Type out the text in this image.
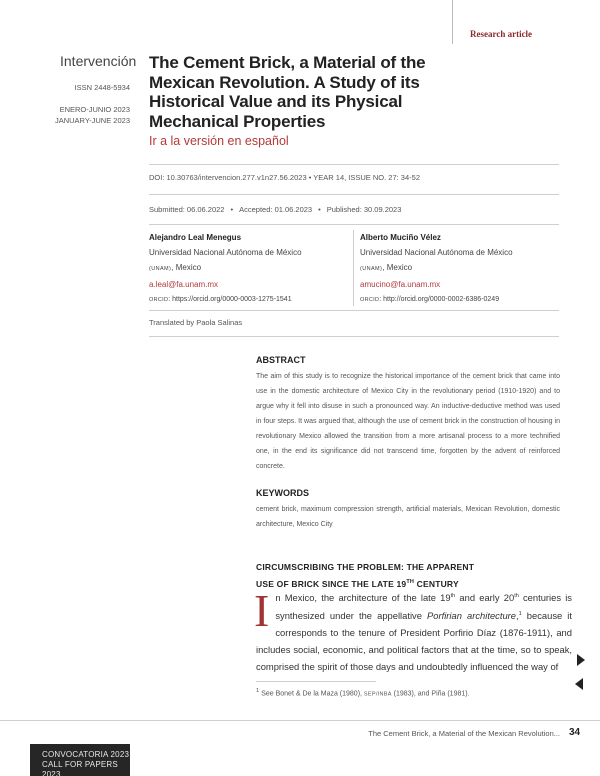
Research article
Intervención
ISSN 2448-5934
ENERO-JUNIO 2023
JANUARY-JUNE 2023
The Cement Brick, a Material of the Mexican Revolution. A Study of its Historical Value and its Physical Mechanical Properties
Ir a la versión en español
DOI: 10.30763/intervencion.277.v1n27.56.2023 • YEAR 14, ISSUE NO. 27: 34-52
Submitted: 06.06.2022 • Accepted: 01.06.2023 • Published: 30.09.2023
Alejandro Leal Menegus
Universidad Nacional Autónoma de México
(UNAM), Mexico
a.leal@fa.unam.mx
ORCID: https://orcid.org/0000-0003-1275-1541
Alberto Muciño Vélez
Universidad Nacional Autónoma de México
(UNAM), Mexico
amucino@fa.unam.mx
ORCID: http://orcid.org/0000-0002-6386-0249
Translated by Paola Salinas
ABSTRACT
The aim of this study is to recognize the historical importance of the cement brick that came into use in the domestic architecture of Mexico City in the revolutionary period (1910-1920) and to argue why it fell into disuse in such a pronounced way. An inductive-deductive method was used in four steps. It was argued that, although the use of cement brick in the construction of housing in revolutionary Mexico allowed the transition from a more artisanal process to a more technified one, in the end its significance did not transcend time, forgotten by the advent of reinforced concrete.
KEYWORDS
cement brick, maximum compression strength, artificial materials, Mexican Revolution, domestic architecture, Mexico City
CIRCUMSCRIBING THE PROBLEM: THE APPARENT
USE OF BRICK SINCE THE LATE 19TH CENTURY
I n Mexico, the architecture of the late 19th and early 20th centuries is synthesized under the appellative Porfirian architecture,$^1$ because it corresponds to the tenure of President Porfirio Díaz (1876-1911), and includes social, economic, and political factors that at the time, so to speak, comprised the spirit of those days and undoubtedly influenced the way of

$^1$ See Bonet & De la Maza (1980), SEP/INBA (1983), and Piña (1981).
The Cement Brick, a Material of the Mexican Revolution... 34
CONVOCATORIA 2023
CALL FOR PAPERS 2023
